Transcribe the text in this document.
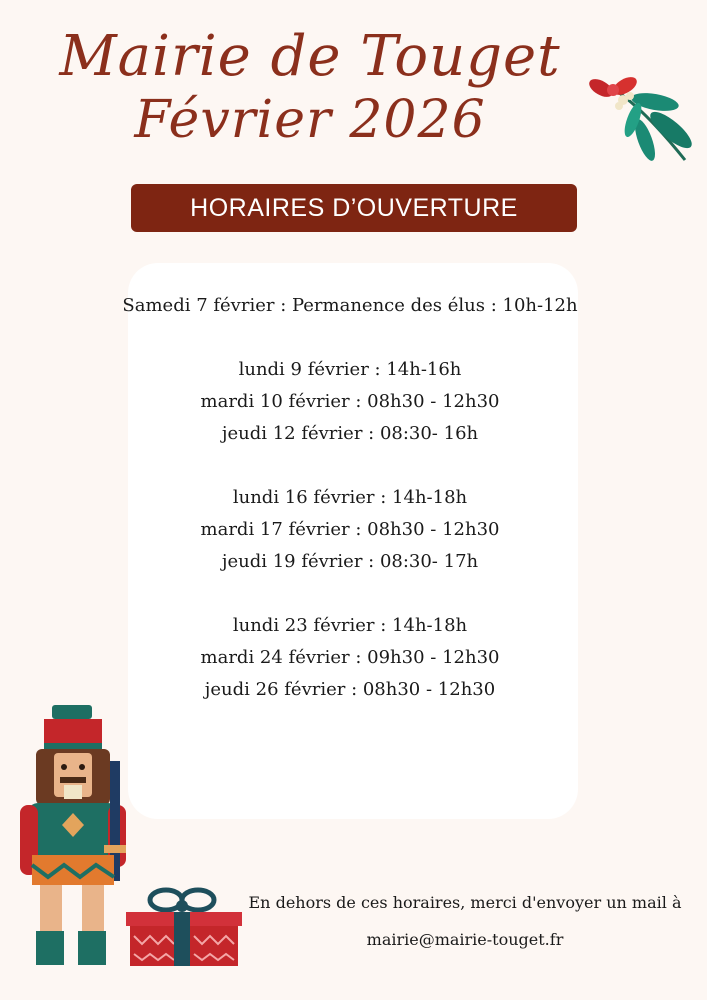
Mairie de Touget
Février 2026
HORAIRES D’OUVERTURE
Samedi 7 février : Permanence des élus : 10h-12h
lundi 9 février : 14h-16h
mardi 10 février : 08h30 - 12h30
jeudi 12 février : 08:30- 16h
lundi 16 février : 14h-18h
mardi 17 février : 08h30 - 12h30
jeudi 19 février : 08:30- 17h
lundi 23 février : 14h-18h
mardi 24 février : 09h30 - 12h30
jeudi 26 février : 08h30 - 12h30
En dehors de ces horaires, merci d'envoyer un mail à
mairie@mairie-touget.fr
